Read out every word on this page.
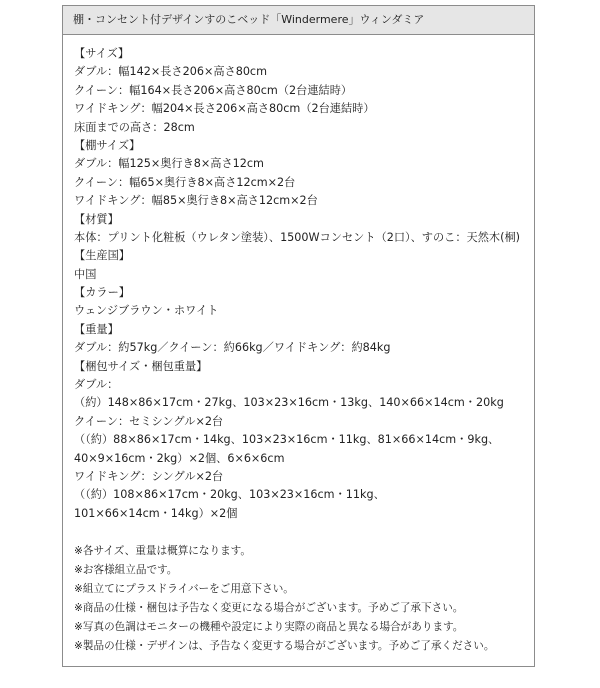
棚・コンセント付デザインすのこベッド「Windermere」ウィンダミア
【サイズ】
ダブル：幅142×長さ206×高さ80cm
クイーン：幅164×長さ206×高さ80cm（2台連結時）
ワイドキング：幅204×長さ206×高さ80cm（2台連結時）
床面までの高さ：28cm
【棚サイズ】
ダブル：幅125×奥行き8×高さ12cm
クイーン：幅65×奥行き8×高さ12cm×2台
ワイドキング：幅85×奥行き8×高さ12cm×2台
【材質】
本体：プリント化粧板（ウレタン塗装）、1500Wコンセント（2口）、すのこ：天然木(桐)
【生産国】
中国
【カラー】
ウェンジブラウン・ホワイト
【重量】
ダブル：約57kg／クイーン：約66kg／ワイドキング：約84kg
【梱包サイズ・梱包重量】
ダブル：
（約）148×86×17cm・27kg、103×23×16cm・13kg、140×66×14cm・20kg
クイーン：セミシングル×2台
（（約）88×86×17cm・14kg、103×23×16cm・11kg、81×66×14cm・9kg、
40×9×16cm・2kg）×2個、6×6×6cm
ワイドキング：シングル×2台
（（約）108×86×17cm・20kg、103×23×16cm・11kg、
101×66×14cm・14kg）×2個
※各サイズ、重量は概算になります。
※お客様組立品です。
※組立てにプラスドライバーをご用意下さい。
※商品の仕様・梱包は予告なく変更になる場合がございます。予めご了承下さい。
※写真の色調はモニターの機種や設定により実際の商品と異なる場合があります。
※製品の仕様・デザインは、予告なく変更する場合がございます。予めご了承ください。
